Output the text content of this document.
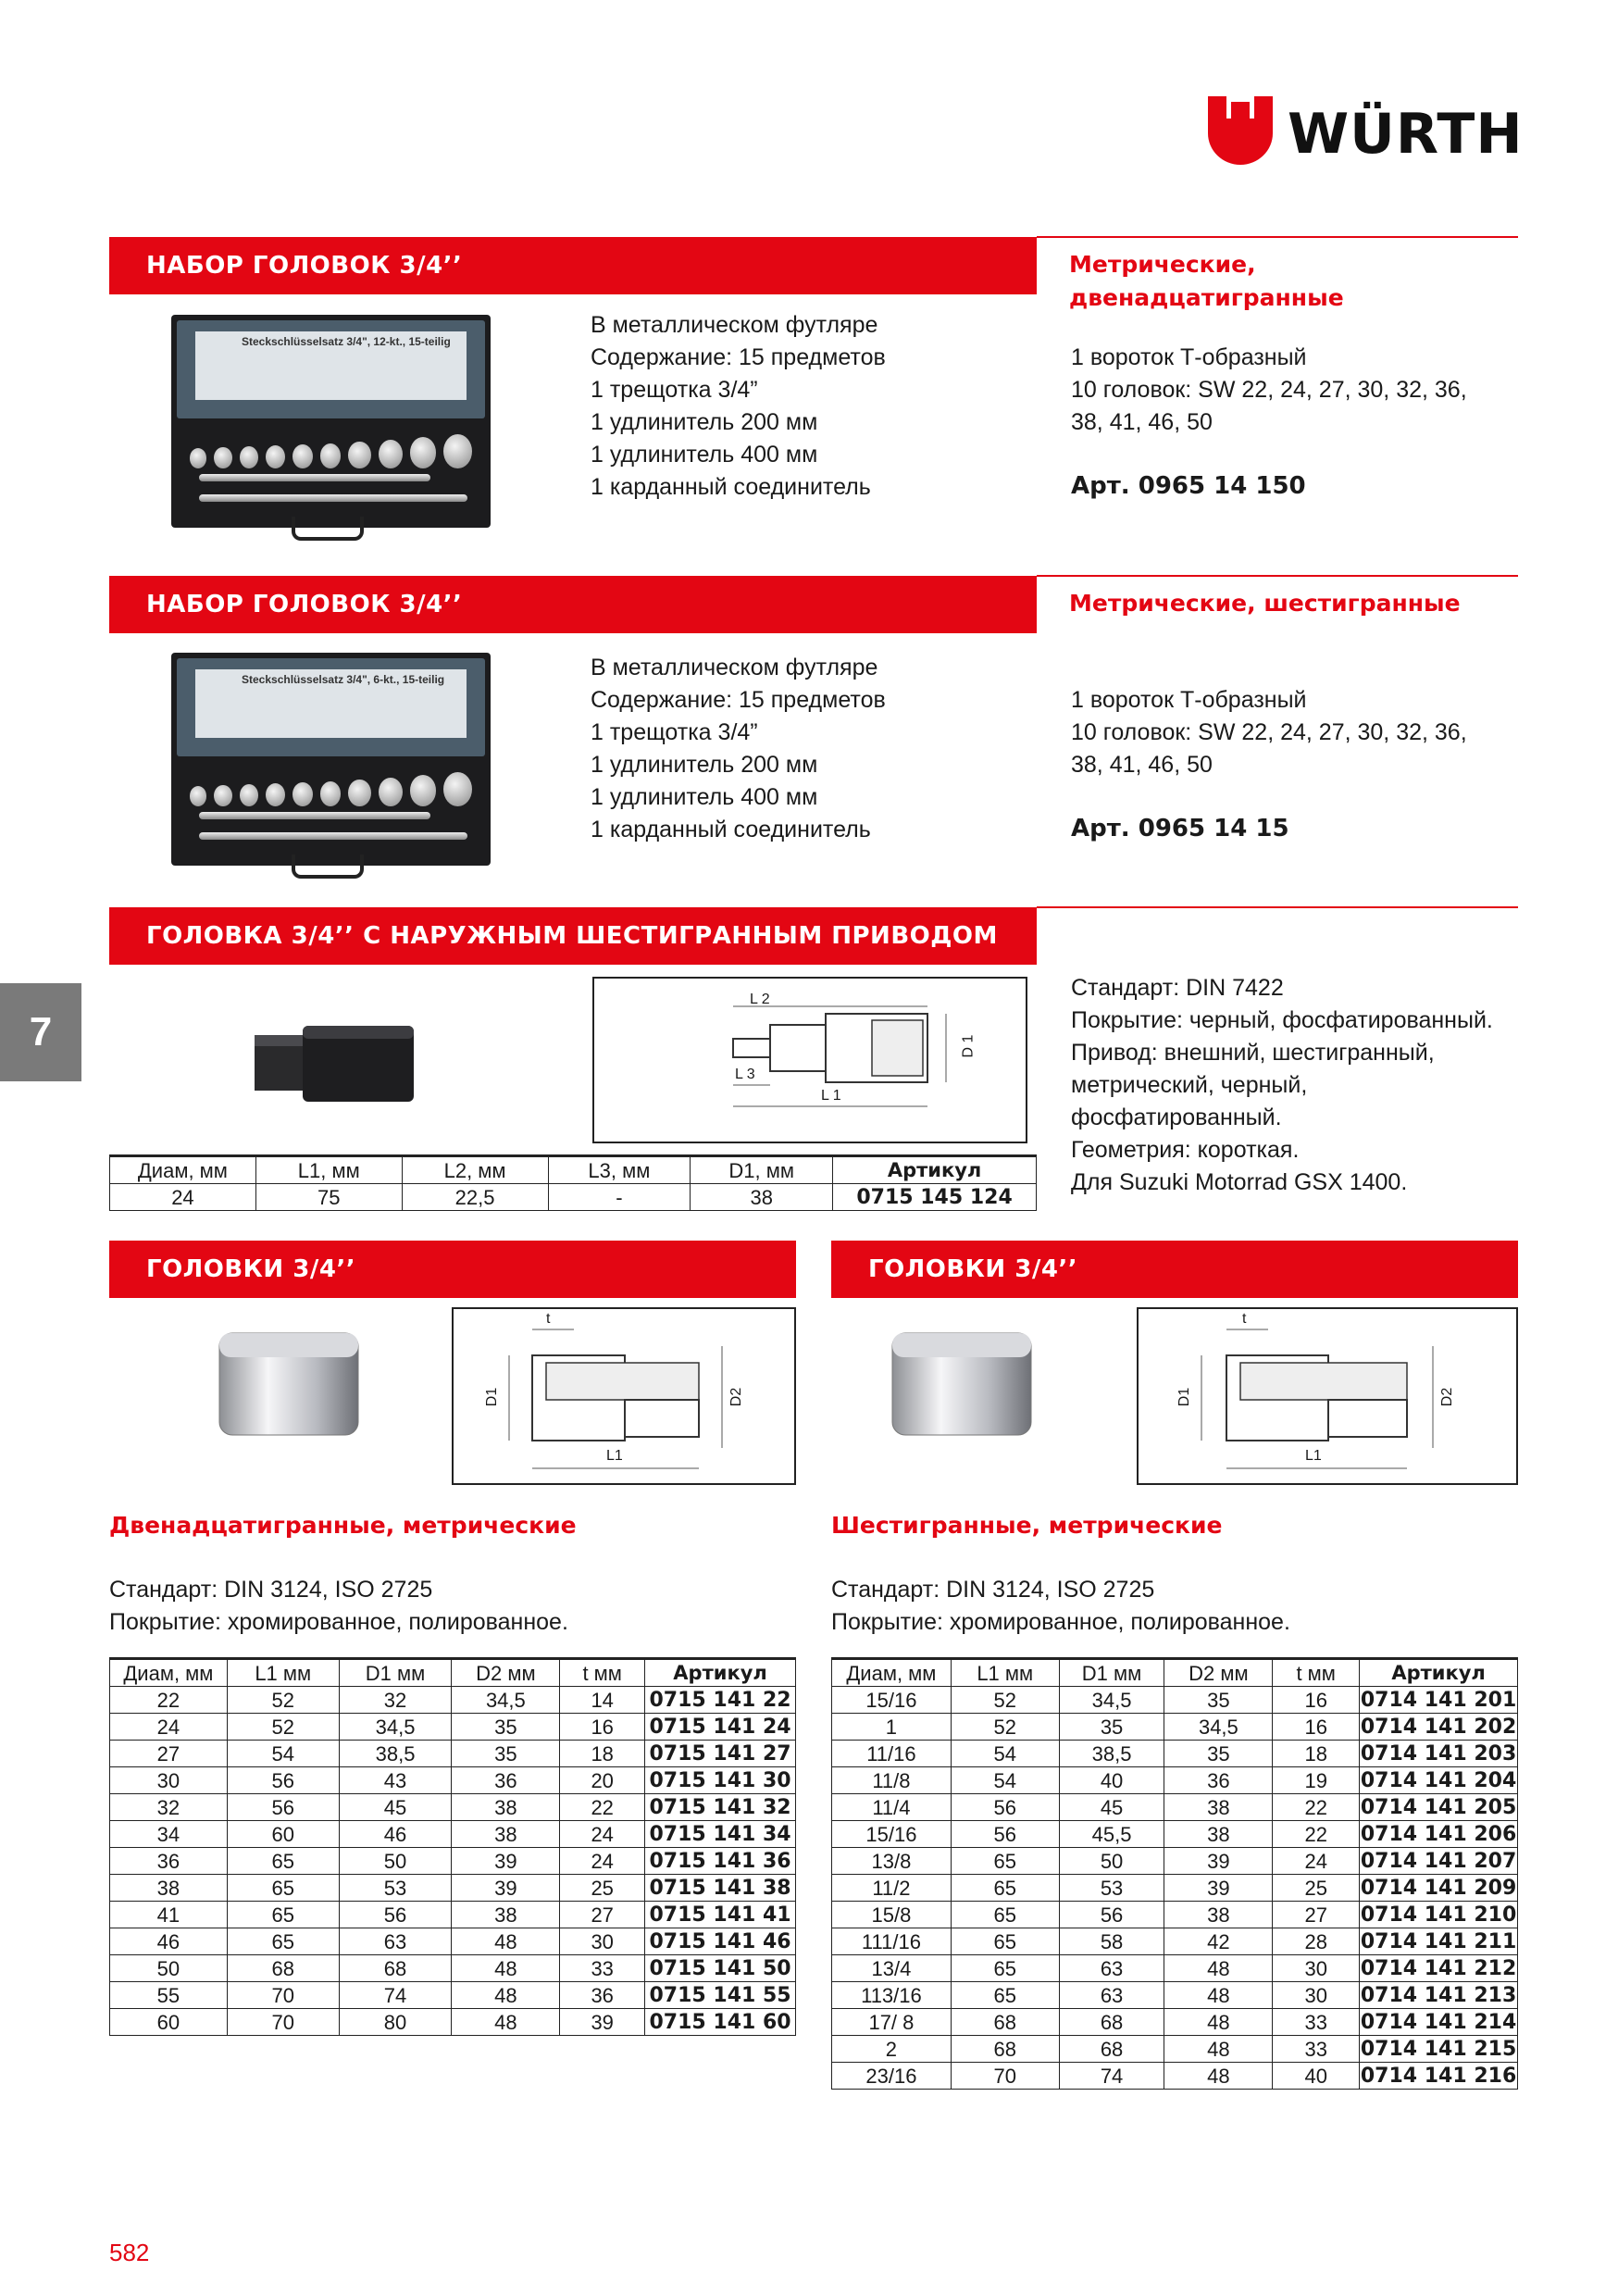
WÜRTH
НАБОР ГОЛОВОК 3/4’’	Метрические,
двенадцатигранные
Steckschlüsselsatz 3/4", 12-kt., 15-teilig
В металлическом футляре
Содержание: 15 предметов
1 трещотка 3/4”
1 удлинитель 200 мм
1 удлинитель 400 мм
1 карданный соединитель
1 вороток Т-образный
10 головок: SW 22, 24, 27, 30, 32, 36,
38, 41, 46, 50
Арт. 0965 14 150
НАБОР ГОЛОВОК 3/4’’	Метрические, шестигранные
Steckschlüsselsatz 3/4", 6-kt., 15-teilig	В металлическом футляре
Содержание: 15 предметов
1 трещотка 3/4”
1 удлинитель 200 мм
1 удлинитель 400 мм
1 карданный соединитель
1 вороток Т-образный
10 головок: SW 22, 24, 27, 30, 32, 36,
38, 41, 46, 50
Арт. 0965 14 15
ГОЛОВКА 3/4’’ С НАРУЖНЫМ ШЕСТИГРАННЫМ ПРИВОДОМ
7
L 2
L 3
L 1
D 1
Стандарт: DIN 7422
Покрытие: черный, фосфатированный.
Привод: внешний, шестигранный,
метрический, черный,
фосфатированный.
Геометрия: короткая.
Для Suzuki Motorrad GSX 1400.
Диам, мм	L1, мм	L2, мм	L3, мм	D1, мм	Артикул
24	75	22,5	-	38	0715 145 124
ГОЛОВКИ 3/4’’
t
D1	D2
L1
Двенадцатигранные, метрические
Стандарт: DIN 3124, ISO 2725
Покрытие: хромированное, полированное.
Диам, мм	L1 мм	D1 мм	D2 мм	t мм	Артикул
22	52	32	34,5	14	0715 141 22
24	52	34,5	35	16	0715 141 24
27	54	38,5	35	18	0715 141 27
30	56	43	36	20	0715 141 30
32	56	45	38	22	0715 141 32
34	60	46	38	24	0715 141 34
36	65	50	39	24	0715 141 36
38	65	53	39	25	0715 141 38
41	65	56	38	27	0715 141 41
46	65	63	48	30	0715 141 46
50	68	68	48	33	0715 141 50
55	70	74	48	36	0715 141 55
60	70	80	48	39	0715 141 60
ГОЛОВКИ 3/4’’
t
D1	D2
L1
Шестигранные, метрические
Стандарт: DIN 3124, ISO 2725
Покрытие: хромированное, полированное.
Диам, мм	L1 мм	D1 мм	D2 мм	t мм	Артикул
15/16	52	34,5	35	16	0714 141 201
1	52	35	34,5	16	0714 141 202
11/16	54	38,5	35	18	0714 141 203
11/8	54	40	36	19	0714 141 204
11/4	56	45	38	22	0714 141 205
15/16	56	45,5	38	22	0714 141 206
13/8	65	50	39	24	0714 141 207
11/2	65	53	39	25	0714 141 209
15/8	65	56	38	27	0714 141 210
111/16	65	58	42	28	0714 141 211
13/4	65	63	48	30	0714 141 212
113/16	65	63	48	30	0714 141 213
17/ 8	68	68	48	33	0714 141 214
2	68	68	48	33	0714 141 215
23/16	70	74	48	40	0714 141 216
582
